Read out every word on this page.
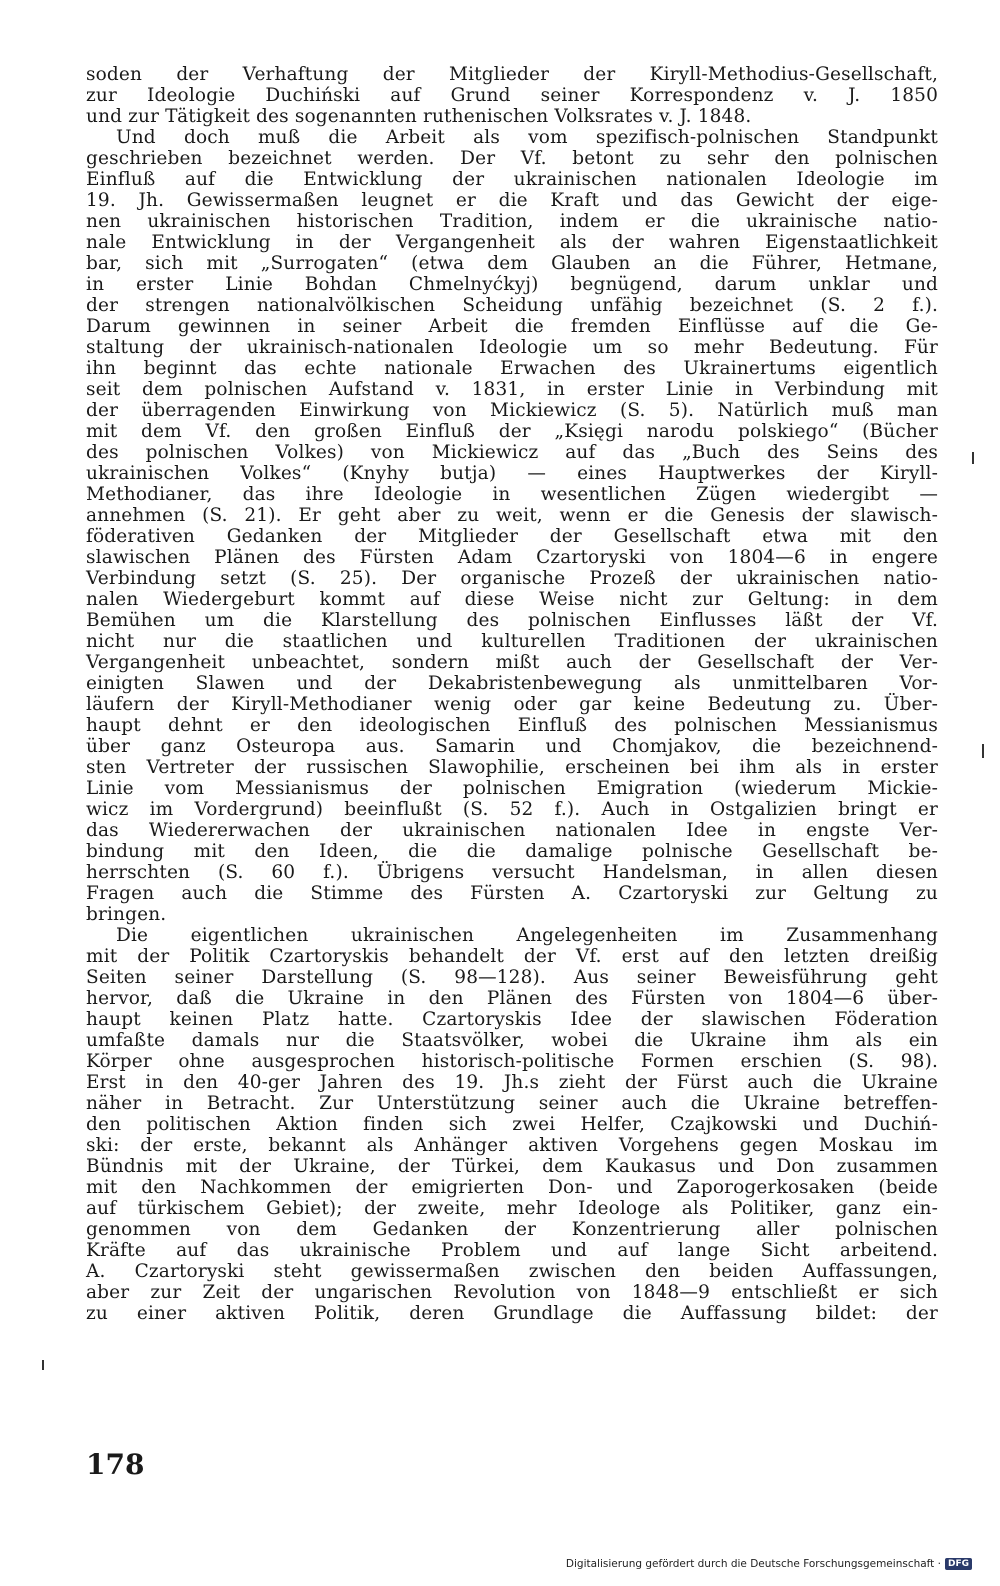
soden der Verhaftung der Mitglieder der Kiryll-Methodius-Gesellschaft,
zur Ideologie Duchiński auf Grund seiner Korrespondenz v. J. 1850
und zur Tätigkeit des sogenannten ruthenischen Volksrates v. J. 1848.
Und doch muß die Arbeit als vom spezifisch-polnischen Standpunkt
geschrieben bezeichnet werden. Der Vf. betont zu sehr den polnischen
Einfluß auf die Entwicklung der ukrainischen nationalen Ideologie im
19. Jh. Gewissermaßen leugnet er die Kraft und das Gewicht der eige-
nen ukrainischen historischen Tradition, indem er die ukrainische natio-
nale Entwicklung in der Vergangenheit als der wahren Eigenstaatlichkeit
bar, sich mit „Surrogaten“ (etwa dem Glauben an die Führer, Hetmane,
in erster Linie Bohdan Chmelnyćkyj) begnügend, darum unklar und
der strengen nationalvölkischen Scheidung unfähig bezeichnet (S. 2 f.).
Darum gewinnen in seiner Arbeit die fremden Einflüsse auf die Ge-
staltung der ukrainisch-nationalen Ideologie um so mehr Bedeutung. Für
ihn beginnt das echte nationale Erwachen des Ukrainertums eigentlich
seit dem polnischen Aufstand v. 1831, in erster Linie in Verbindung mit
der überragenden Einwirkung von Mickiewicz (S. 5). Natürlich muß man
mit dem Vf. den großen Einfluß der „Księgi narodu polskiego“ (Bücher
des polnischen Volkes) von Mickiewicz auf das „Buch des Seins des
ukrainischen Volkes“ (Knyhy butja) — eines Hauptwerkes der Kiryll-
Methodianer, das ihre Ideologie in wesentlichen Zügen wiedergibt —
annehmen (S. 21). Er geht aber zu weit, wenn er die Genesis der slawisch-
föderativen Gedanken der Mitglieder der Gesellschaft etwa mit den
slawischen Plänen des Fürsten Adam Czartoryski von 1804—6 in engere
Verbindung setzt (S. 25). Der organische Prozeß der ukrainischen natio-
nalen Wiedergeburt kommt auf diese Weise nicht zur Geltung: in dem
Bemühen um die Klarstellung des polnischen Einflusses läßt der Vf.
nicht nur die staatlichen und kulturellen Traditionen der ukrainischen
Vergangenheit unbeachtet, sondern mißt auch der Gesellschaft der Ver-
einigten Slawen und der Dekabristenbewegung als unmittelbaren Vor-
läufern der Kiryll-Methodianer wenig oder gar keine Bedeutung zu. Über-
haupt dehnt er den ideologischen Einfluß des polnischen Messianismus
über ganz Osteuropa aus. Samarin und Chomjakov, die bezeichnend-
sten Vertreter der russischen Slawophilie, erscheinen bei ihm als in erster
Linie vom Messianismus der polnischen Emigration (wiederum Mickie-
wicz im Vordergrund) beeinflußt (S. 52 f.). Auch in Ostgalizien bringt er
das Wiedererwachen der ukrainischen nationalen Idee in engste Ver-
bindung mit den Ideen, die die damalige polnische Gesellschaft be-
herrschten (S. 60 f.). Übrigens versucht Handelsman, in allen diesen
Fragen auch die Stimme des Fürsten A. Czartoryski zur Geltung zu
bringen.
Die eigentlichen ukrainischen Angelegenheiten im Zusammenhang
mit der Politik Czartoryskis behandelt der Vf. erst auf den letzten dreißig
Seiten seiner Darstellung (S. 98—128). Aus seiner Beweisführung geht
hervor, daß die Ukraine in den Plänen des Fürsten von 1804—6 über-
haupt keinen Platz hatte. Czartoryskis Idee der slawischen Föderation
umfaßte damals nur die Staatsvölker, wobei die Ukraine ihm als ein
Körper ohne ausgesprochen historisch-politische Formen erschien (S. 98).
Erst in den 40-ger Jahren des 19. Jh.s zieht der Fürst auch die Ukraine
näher in Betracht. Zur Unterstützung seiner auch die Ukraine betreffen-
den politischen Aktion finden sich zwei Helfer, Czajkowski und Duchiń-
ski: der erste, bekannt als Anhänger aktiven Vorgehens gegen Moskau im
Bündnis mit der Ukraine, der Türkei, dem Kaukasus und Don zusammen
mit den Nachkommen der emigrierten Don- und Zaporogerkosaken (beide
auf türkischem Gebiet); der zweite, mehr Ideologe als Politiker, ganz ein-
genommen von dem Gedanken der Konzentrierung aller polnischen
Kräfte auf das ukrainische Problem und auf lange Sicht arbeitend.
A. Czartoryski steht gewissermaßen zwischen den beiden Auffassungen,
aber zur Zeit der ungarischen Revolution von 1848—9 entschließt er sich
zu einer aktiven Politik, deren Grundlage die Auffassung bildet: der
178
Digitalisierung gefördert durch die Deutsche Forschungsgemeinschaft · DFG
